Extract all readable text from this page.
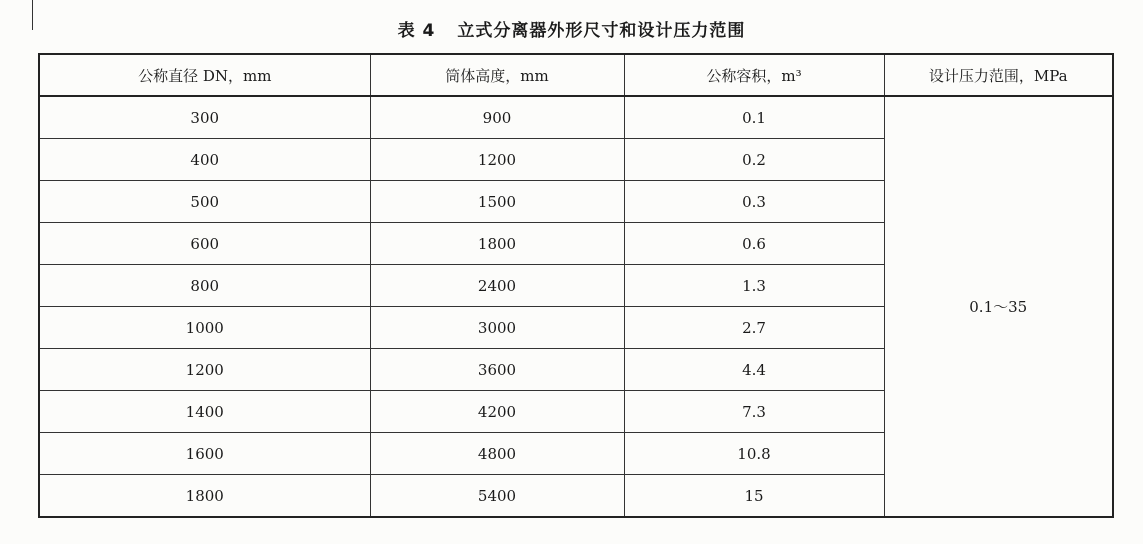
表 4 立式分离器外形尺寸和设计压力范围
公称直径 DN，mm	筒体高度，mm	公称容积，m³	设计压力范围，MPa
300	900	0.1	0.1～35
400	1200	0.2	
500	1500	0.3	
600	1800	0.6	
800	2400	1.3	
1000	3000	2.7	
1200	3600	4.4	
1400	4200	7.3	
1600	4800	10.8	
1800	5400	15	
